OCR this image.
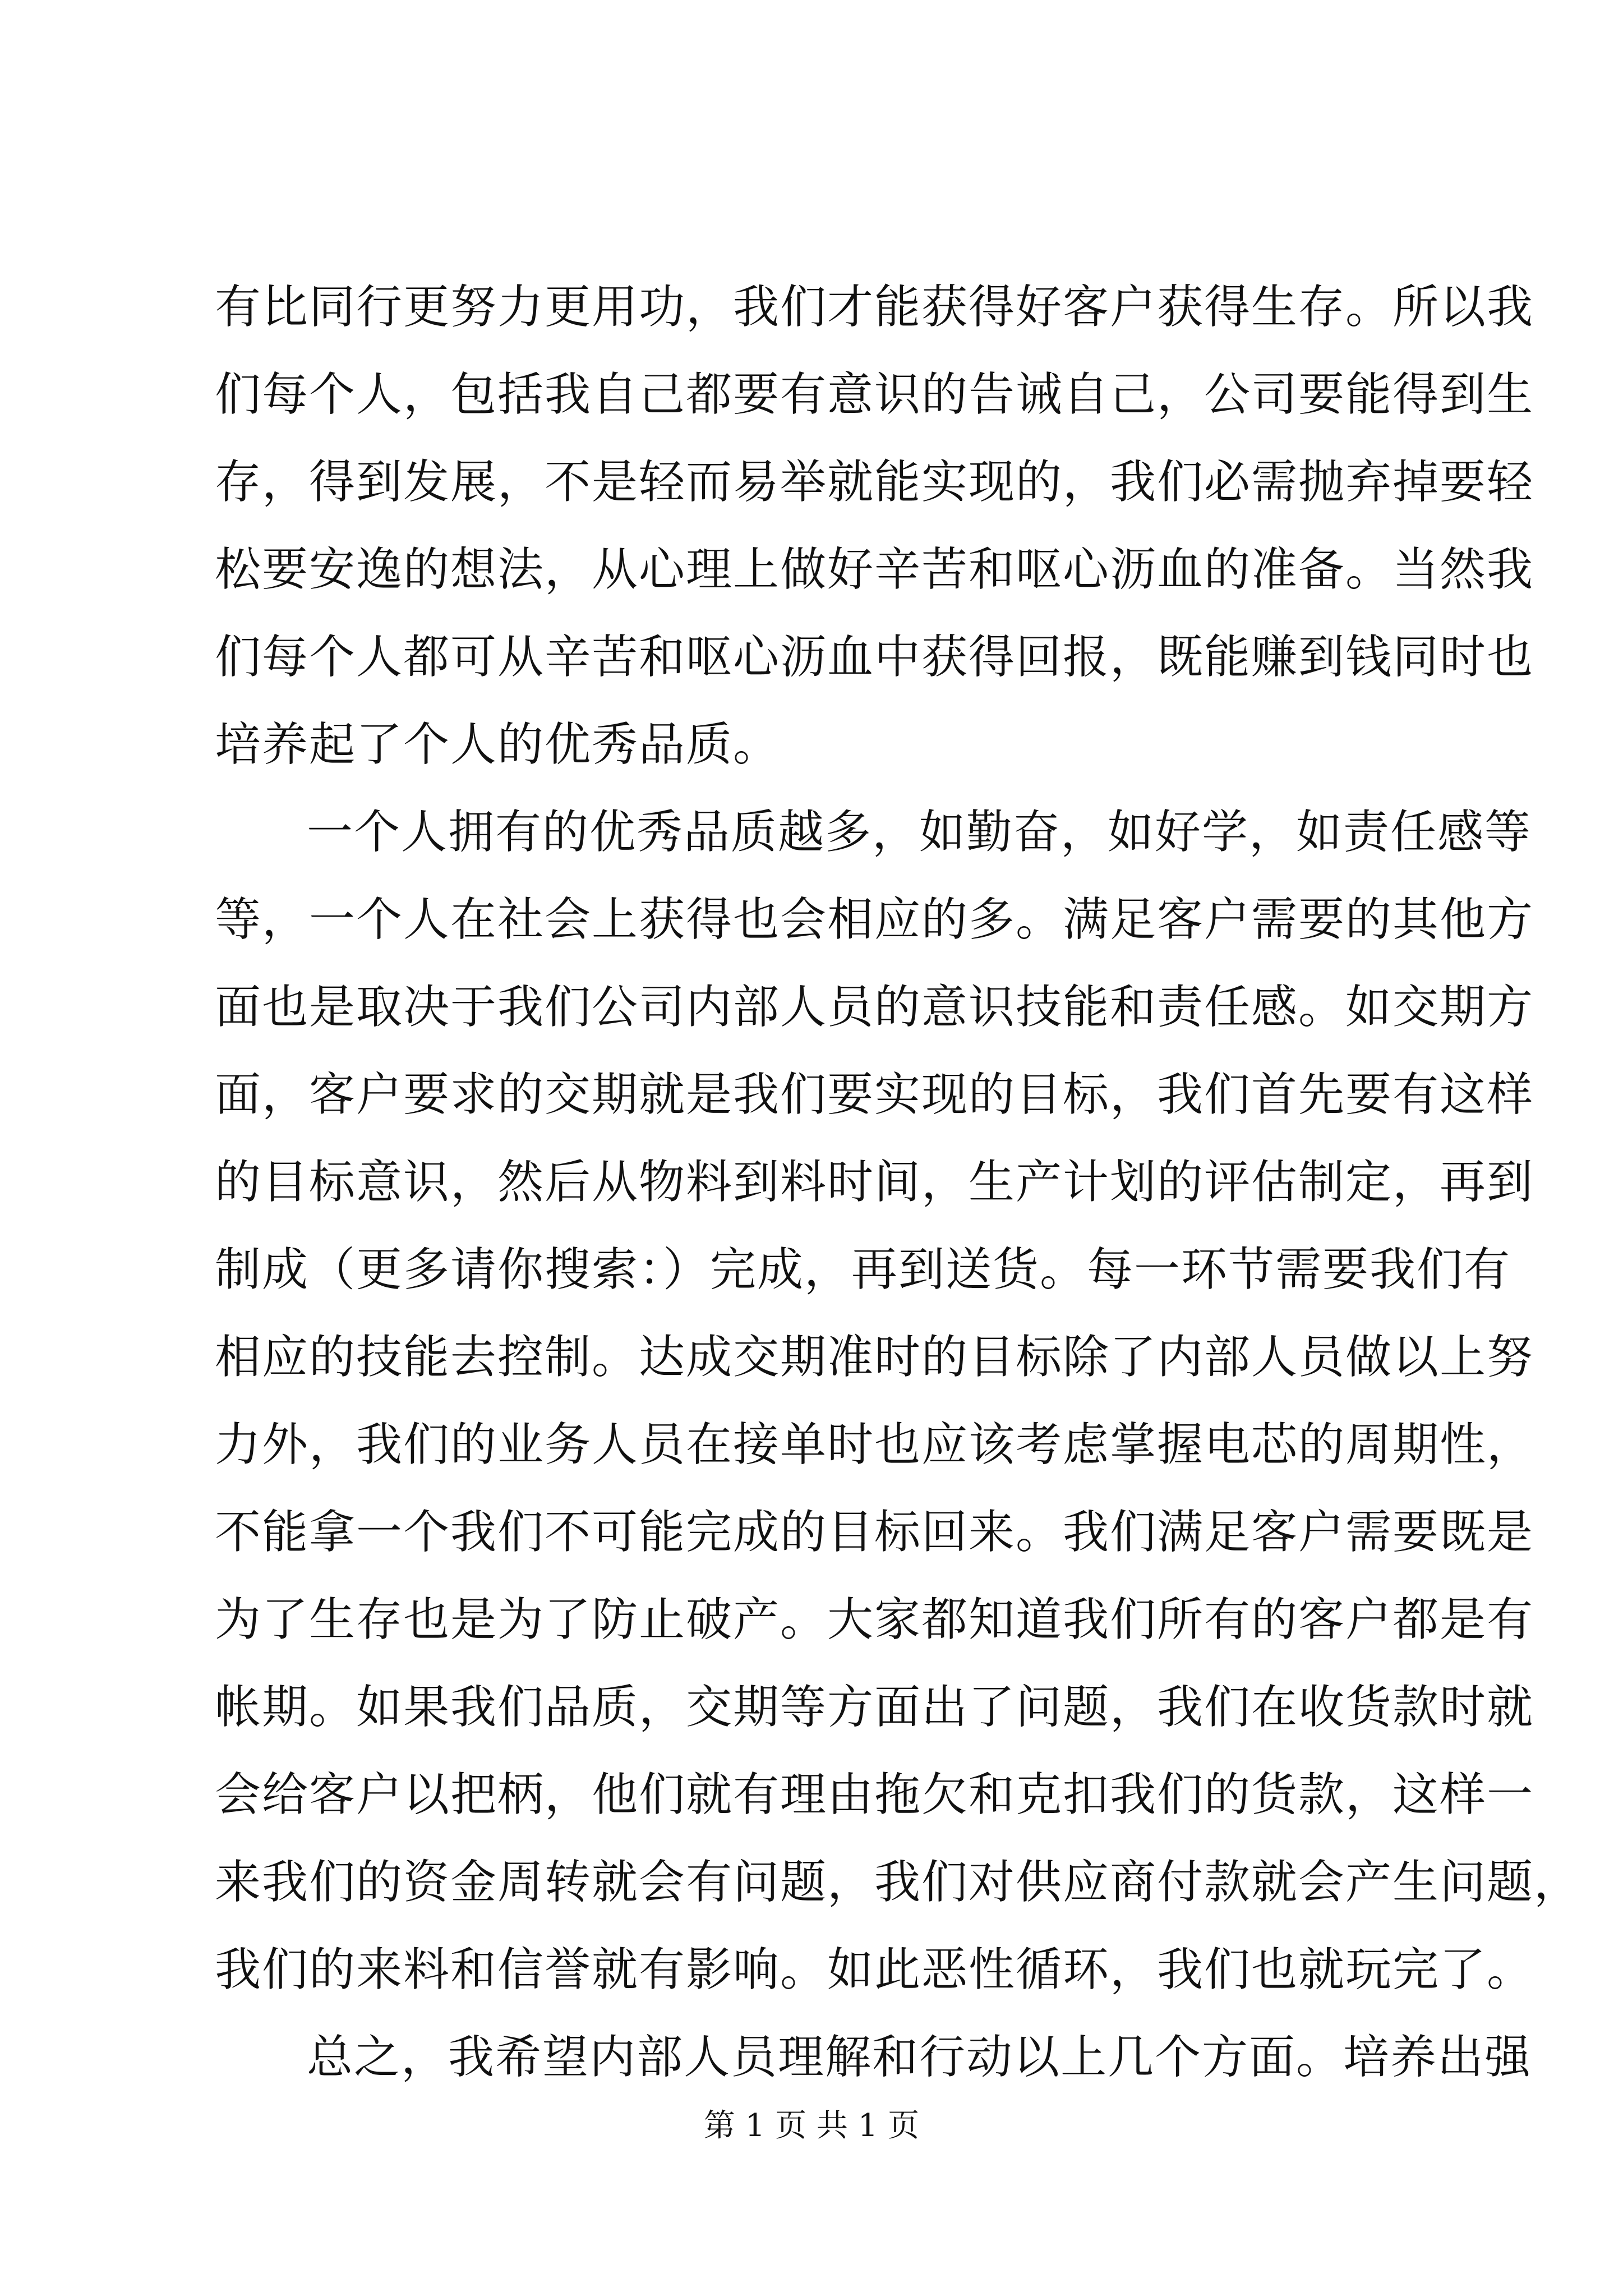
有比同行更努力更用功，我们才能获得好客户获得生存。所以我
们每个人，包括我自己都要有意识的告诫自己，公司要能得到生
存，得到发展，不是轻而易举就能实现的，我们必需抛弃掉要轻
松要安逸的想法，从心理上做好辛苦和呕心沥血的准备。当然我
们每个人都可从辛苦和呕心沥血中获得回报，既能赚到钱同时也
培养起了个人的优秀品质。
一个人拥有的优秀品质越多，如勤奋，如好学，如责任感等
等，一个人在社会上获得也会相应的多。满足客户需要的其他方
面也是取决于我们公司内部人员的意识技能和责任感。如交期方
面，客户要求的交期就是我们要实现的目标，我们首先要有这样
的目标意识，然后从物料到料时间，生产计划的评估制定，再到
制成（更多请你搜索：）完成，再到送货。每一环节需要我们有
相应的技能去控制。达成交期准时的目标除了内部人员做以上努
力外，我们的业务人员在接单时也应该考虑掌握电芯的周期性，
不能拿一个我们不可能完成的目标回来。我们满足客户需要既是
为了生存也是为了防止破产。大家都知道我们所有的客户都是有
帐期。如果我们品质，交期等方面出了问题，我们在收货款时就
会给客户以把柄，他们就有理由拖欠和克扣我们的货款，这样一
来我们的资金周转就会有问题，我们对供应商付款就会产生问题，
我们的来料和信誉就有影响。如此恶性循环，我们也就玩完了。
总之，我希望内部人员理解和行动以上几个方面。培养出强
第 1 页 共 1 页
